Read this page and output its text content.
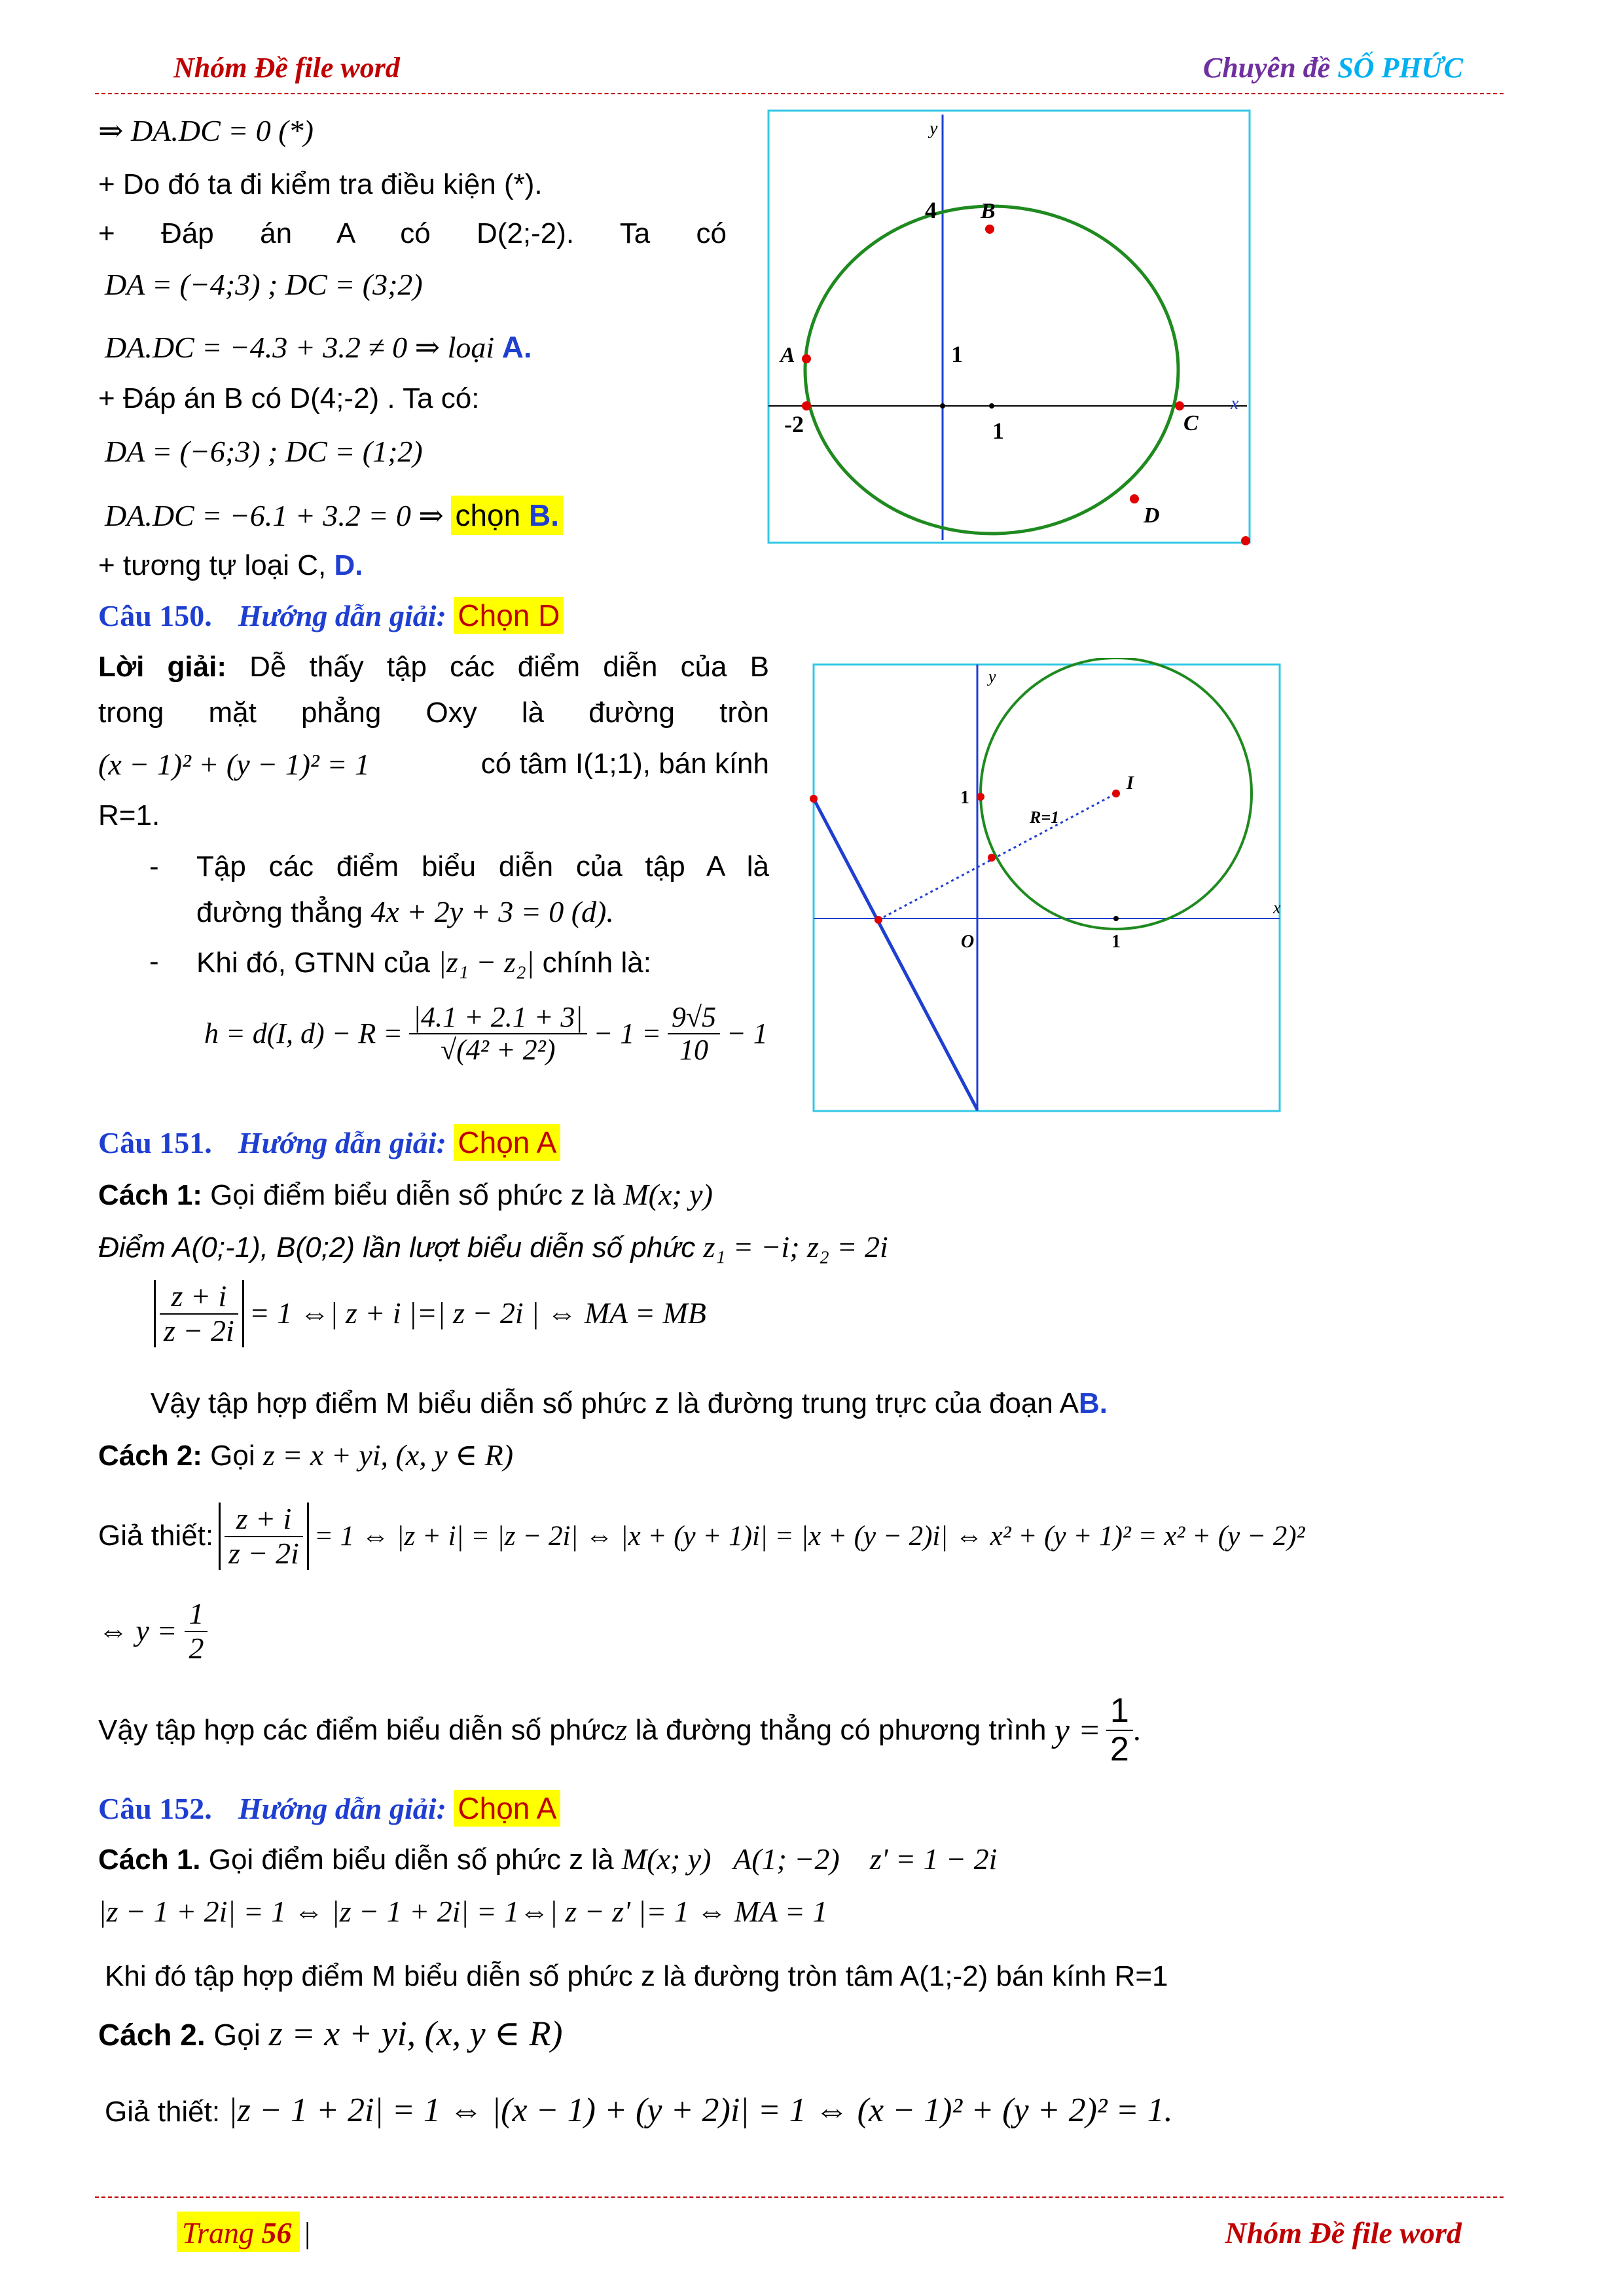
Nhóm Đề file word	Chuyên đề SỐ PHỨC
⇒ DA.DC = 0 (*)
+ Do đó ta đi kiểm tra điều kiện (*).
+ Đáp án A có D(2;-2). Ta có
DA = (−4;3) ; DC = (3;2)
DA.DC = −4.3 + 3.2 ≠ 0 ⇒ loại A.
+ Đáp án B có D(4;-2) . Ta có:
DA = (−6;3) ; DC = (1;2)
DA.DC = −6.1 + 3.2 = 0 ⇒ chọn B.
+ tương tự loại C, D.
y
x
4
1
-2	1
A
B
C
D
Câu 150. Hướng dẫn giải: Chọn D
Lời giải: Dễ thấy tập các điểm diễn của B
trong mặt phẳng Oxy là đường tròn
(x − 1)² + (y − 1)² = 1	có tâm I(1;1), bán kính
R=1.
- Tập các điểm biểu diễn của tập A là
đường thẳng 4x + 2y + 3 = 0 (d).
- Khi đó, GTNN của |z₁ − z₂| chính là:
h = d(I, $d) - R = \frac{|4.1 + 2.1 + 3|}{\text{√(4² + 2²)}} - 1 = \frac{9√5}{10} - 1$
y
x
1
O	1
I
R=1
Câu 151. Hướng dẫn giải: Chọn A
Cách 1: Gọi điểm biểu diễn số phức z là M(x; y)
Điểm A(0;-1), B(0;2) lần lượt biểu diễn số phức z₁ = −i; z₂ = 2i
$\frac{z + i}{z - 2i} = 1$ ⇔| z + i |=| z − 2i | ⇔ MA = MB
Vậy tập hợp điểm M biểu diễn số phức z là đường trung trực của đoạn AB.
Cách 2: Gọi z = x + yi, (x, y ∈ R)
Giả thiết: $\frac{z + i}{z - 2i} = 1$ ⇔ |z + i| = |z − 2i| ⇔ |x + (y + 1)i| = |x + (y − 2)i| ⇔ x² + (y + 1)² = x² + (y − 2)²
⇔ $y = \frac{1}{2}$
Vậy tập hợp các điểm biểu diễn số phức z là đường thẳng có phương trình $y = \frac{1}{2}$ .
Câu 152. Hướng dẫn giải: Chọn A
Cách 1. Gọi điểm biểu diễn số phức z là M(x; y)   A(1; −2)    z' = 1 − 2i
|z − 1 + 2i| = 1 ⇔ |z − 1 + 2i| = 1⇔| z − z' |= 1 ⇔ MA = 1
Khi đó tập hợp điểm M biểu diễn số phức z là đường tròn tâm A(1;-2) bán kính R=1
Cách 2. Gọi z = x + yi, (x, y ∈ R)
Giả thiết: |z − 1 + 2i| = 1 ⇔ |(x − 1) + (y + 2)i| = 1 ⇔ (x − 1)² + (y + 2)² = 1.
Trang 56 |	Nhóm Đề file word
